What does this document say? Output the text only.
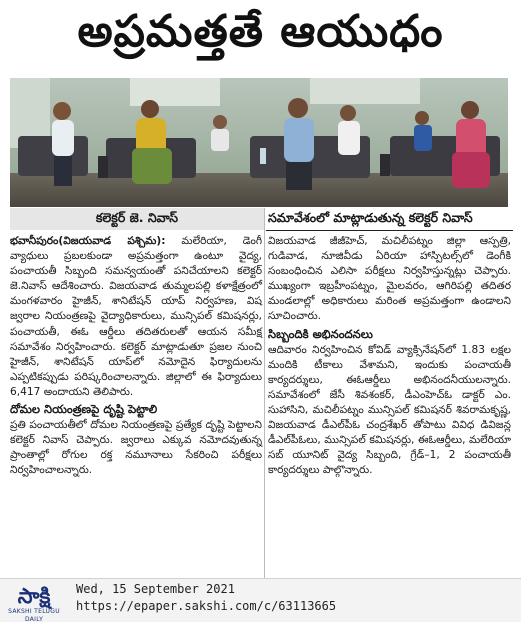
అప్రమత్తతే ఆయుధం
కలెక్టర్‌ జె. నివాస్‌	సమావేశంలో మాట్లాడుతున్న కలెక్టర్‌ నివాస్‌

భవానీపురం(విజయవాడ పశ్చిమ): మలేరియా, డెంగీ వ్యాధులు ప్రబలకుండా అప్రమత్తంగా ఉంటూ వైద్య, పంచాయతీ సిబ్బంది సమన్వయంతో పనిచేయాలని కలెక్టర్‌ జె.నివాస్‌ ఆదేశించారు. విజయవాడ తుమ్మలపల్లి కళాక్షేత్రంలో మంగళవారం హైజీన్‌, శానిటేషన్‌ యాప్‌ నిర్వహణ, విష జ్వరాల నియంత్రణపై వైద్యాధికారులు, మున్సిపల్‌ కమిషనర్లు, పంచాయతీ, ఈఓ ఆర్డీలు తదితరులతో ఆయన సమీక్ష సమావేశం నిర్వహించారు. కలెక్టర్‌ మాట్లాడుతూ ప్రజల నుంచి హైజీన్‌, శానిటేషన్‌ యాప్‌లో నమోదైన ఫిర్యాదులను ఎప్పటికప్పుడు పరిష్కరించాలన్నారు. జిల్లాలో ఈ ఫిర్యాదులు 6,417 అందాయని తెలిపారు.

దోమల నియంత్రణపై దృష్టి పెట్టాలి

ప్రతి పంచాయతీలో దోమల నియంత్రణపై ప్రత్యేక దృష్టి పెట్టాలని కలెక్టర్‌ నివాస్‌ చెప్పారు. జ్వరాలు ఎక్కువ నమోదవుతున్న ప్రాంతాల్లో రోగుల రక్త నమూనాలు సేకరించి పరీక్షలు నిర్వహించాలన్నారు.

విజయవాడ జీజీహెచ్‌, మచిలీపట్నం జిల్లా ఆస్పత్రి, గుడివాడ, నూజివీడు ఏరియా హాస్పిటల్స్‌లో డెంగీకి సంబంధించిన ఎలిసా పరీక్షలు నిర్వహిస్తున్నట్లు చెప్పారు. ముఖ్యంగా ఇబ్రహీంపట్నం, మైలవరం, ఆగిరిపల్లి తదితర మండలాల్లో అధికారులు మరింత అప్రమత్తంగా ఉండాలని సూచించారు.

సిబ్బందికి అభినందనలు

ఆదివారం నిర్వహించిన కోవిడ్‌ వ్యాక్సినేషన్‌లో 1.83 లక్షల మందికి టీకాలు వేశామని, ఇందుకు పంచాయతీ కార్యదర్శులు, ఈఓఆర్డీలు అభినందనీయులన్నారు. సమావేశంలో జేసీ శివశంకర్‌, డీఎంహెచ్‌ఓ డాక్టర్‌ ఎం. సుహాసిని, మచిలీపట్నం మున్సిపల్‌ కమిషనర్‌ శివరామకృష్ణ, విజయవాడ డీఎల్‌పీఓ చంద్రశేఖర్‌ తోపాటు వివిధ డివిజన్ల డీఎల్‌పీఓలు, మున్సిపల్‌ కమిషనర్లు, ఈఓఆర్డీలు, మలేరియా సబ్‌ యూనిట్‌ వైద్య సిబ్బంది, గ్రేడ్‌–1, 2 పంచాయతీ కార్యదర్శులు పాల్గొన్నారు.

సాక్షి
SAKSHI TELUGU DAILY
Wed, 15 September 2021
https://epaper.sakshi.com/c/63113665
